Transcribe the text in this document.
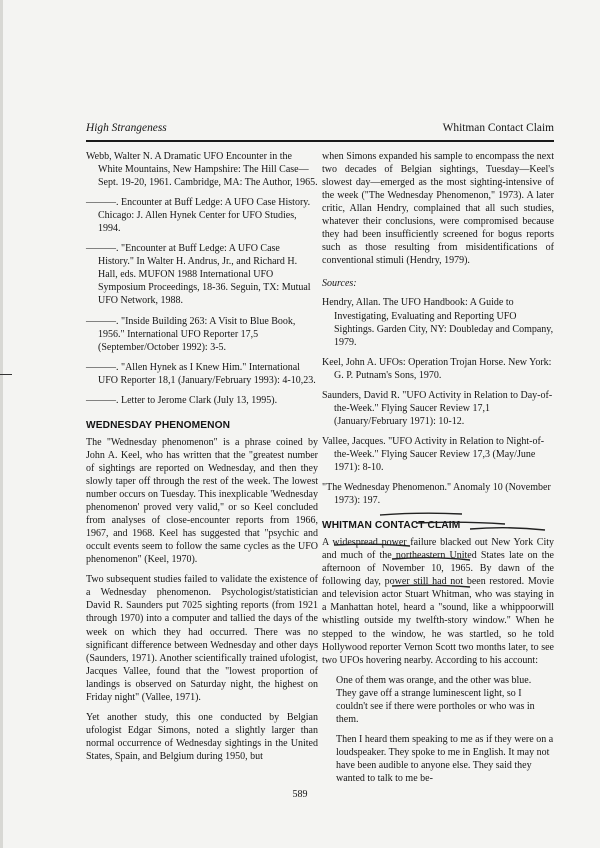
High Strangeness	Whitman Contact Claim

Webb, Walter N. A Dramatic UFO Encounter in the White Mountains, New Hampshire: The Hill Case—Sept. 19-20, 1961. Cambridge, MA: The Author, 1965.

———. Encounter at Buff Ledge: A UFO Case History. Chicago: J. Allen Hynek Center for UFO Studies, 1994.

———. "Encounter at Buff Ledge: A UFO Case History." In Walter H. Andrus, Jr., and Richard H. Hall, eds. MUFON 1988 International UFO Symposium Proceedings, 18-36. Seguin, TX: Mutual UFO Network, 1988.

———. "Inside Building 263: A Visit to Blue Book, 1956." International UFO Reporter 17,5 (September/October 1992): 3-5.

———. "Allen Hynek as I Knew Him." International UFO Reporter 18,1 (January/February 1993): 4-10,23.

———. Letter to Jerome Clark (July 13, 1995).

WEDNESDAY PHENOMENON

The "Wednesday phenomenon" is a phrase coined by John A. Keel, who has written that the "greatest number of sightings are reported on Wednesday, and then they slowly taper off through the rest of the week. The lowest number occurs on Tuesday. This inexplicable 'Wednesday phenomenon' proved very valid," or so Keel concluded from analyses of close-encounter reports from 1966, 1967, and 1968. Keel has suggested that "psychic and occult events seem to follow the same cycles as the UFO phenomenon" (Keel, 1970).

Two subsequent studies failed to validate the existence of a Wednesday phenomenon. Psychologist/statistician David R. Saunders put 7025 sighting reports (from 1921 through 1970) into a computer and tallied the days of the week on which they had occurred. There was no significant difference between Wednesday and other days (Saunders, 1971). Another scientifically trained ufologist, Jacques Vallee, found that the "lowest proportion of landings is observed on Saturday night, the highest on Friday night" (Vallee, 1971).

Yet another study, this one conducted by Belgian ufologist Edgar Simons, noted a slightly larger than normal occurrence of Wednesday sightings in the United States, Spain, and Belgium during 1950, but

when Simons expanded his sample to encompass the next two decades of Belgian sightings, Tuesday—Keel's slowest day—emerged as the most sighting-intensive of the week ("The Wednesday Phenomenon," 1973). A later critic, Allan Hendry, complained that all such studies, whatever their conclusions, were compromised because they had been insufficiently screened for bogus reports such as those resulting from misidentifications of conventional stimuli (Hendry, 1979).

Sources:

Hendry, Allan. The UFO Handbook: A Guide to Investigating, Evaluating and Reporting UFO Sightings. Garden City, NY: Doubleday and Company, 1979.

Keel, John A. UFOs: Operation Trojan Horse. New York: G. P. Putnam's Sons, 1970.

Saunders, David R. "UFO Activity in Relation to Day-of-the-Week." Flying Saucer Review 17,1 (January/February 1971): 10-12.

Vallee, Jacques. "UFO Activity in Relation to Night-of-the-Week." Flying Saucer Review 17,3 (May/June 1971): 8-10.

"The Wednesday Phenomenon." Anomaly 10 (November 1973): 197.

WHITMAN CONTACT CLAIM

A widespread power failure blacked out New York City and much of the northeastern United States late on the afternoon of November 10, 1965. By dawn of the following day, power still had not been restored. Movie and television actor Stuart Whitman, who was staying in a Manhattan hotel, heard a "sound, like a whippoorwill whistling outside my twelfth-story window." When he stepped to the window, he was startled, so he told Hollywood reporter Vernon Scott two months later, to see two UFOs hovering nearby. According to his account:

One of them was orange, and the other was blue. They gave off a strange luminescent light, so I couldn't see if there were portholes or who was in them.

Then I heard them speaking to me as if they were on a loudspeaker. They spoke to me in English. It may not have been audible to anyone else. They said they wanted to talk to me be-

589
